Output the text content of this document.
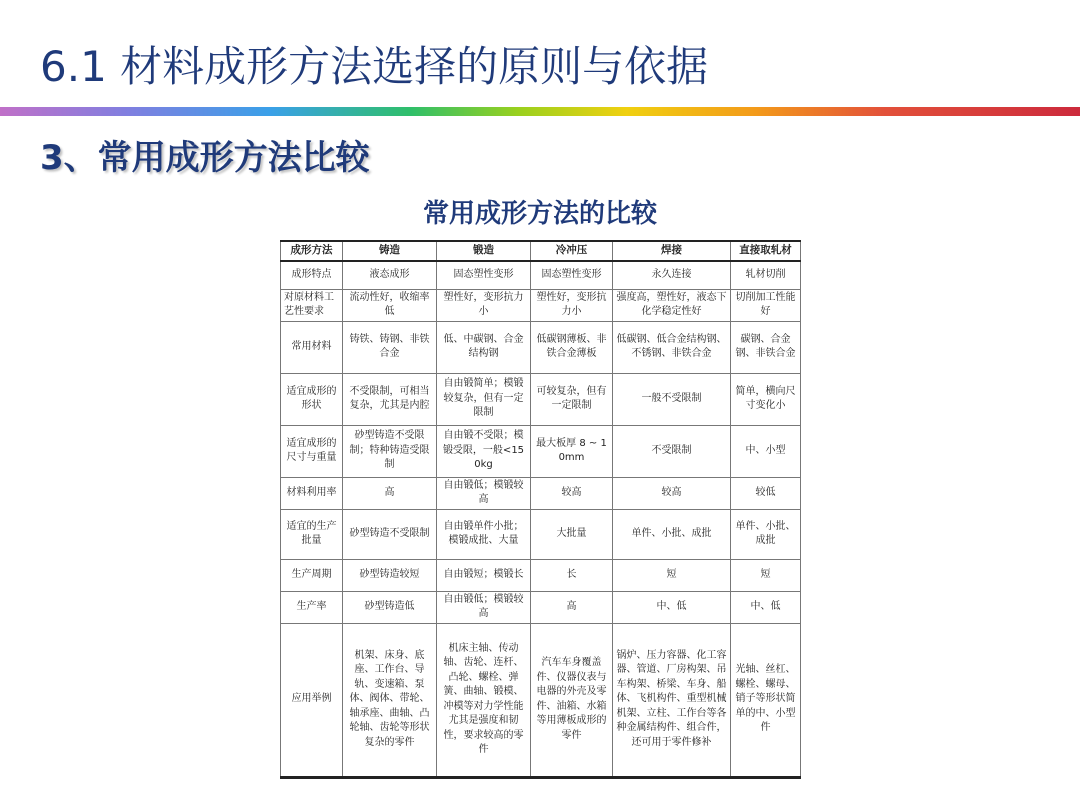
6.1 材料成形方法选择的原则与依据
3、常用成形方法比较
常用成形方法的比较
成形方法	铸造	锻造	冷冲压	焊接	直接取轧材
成形特点	液态成形	固态塑性变形	固态塑性变形	永久连接	轧材切削
对原材料工艺性要求	流动性好，收缩率低	塑性好，变形抗力小	塑性好，变形抗力小	强度高，塑性好，液态下化学稳定性好	切削加工性能好
常用材料	铸铁、铸钢、非铁合金	低、中碳钢、合金结构钢	低碳钢薄板、非铁合金薄板	低碳钢、低合金结构钢、不锈钢、非铁合金	碳钢、合金钢、非铁合金
适宜成形的形状	不受限制，可相当复杂，尤其是内腔	自由锻简单；模锻较复杂，但有一定限制	可较复杂，但有一定限制	一般不受限制	简单，横向尺寸变化小
适宜成形的尺寸与重量	砂型铸造不受限制；特种铸造受限制	自由锻不受限；模锻受限，一般<150kg	最大板厚 8 ~ 10mm	不受限制	中、小型
材料利用率	高	自由锻低；模锻较高	较高	较高	较低
适宜的生产批量	砂型铸造不受限制	自由锻单件小批；模锻成批、大量	大批量	单件、小批、成批	单件、小批、成批
生产周期	砂型铸造较短	自由锻短；模锻长	长	短	短
生产率	砂型铸造低	自由锻低；模锻较高	高	中、低	中、低
应用举例	机架、床身、底座、工作台、导轨、变速箱、泵体、阀体、带轮、轴承座、曲轴、凸轮轴、齿轮等形状复杂的零件	机床主轴、传动轴、齿轮、连杆、凸轮、螺栓、弹簧、曲轴、锻模、冲模等对力学性能尤其是强度和韧性，要求较高的零件	汽车车身覆盖件、仪器仪表与电器的外壳及零件、油箱、水箱等用薄板成形的零件	锅炉、压力容器、化工容器、管道、厂房构架、吊车构架、桥梁、车身、船体、飞机构件、重型机械机架、立柱、工作台等各种金属结构件、组合件，还可用于零件修补	光轴、丝杠、螺栓、螺母、销子等形状简单的中、小型件
